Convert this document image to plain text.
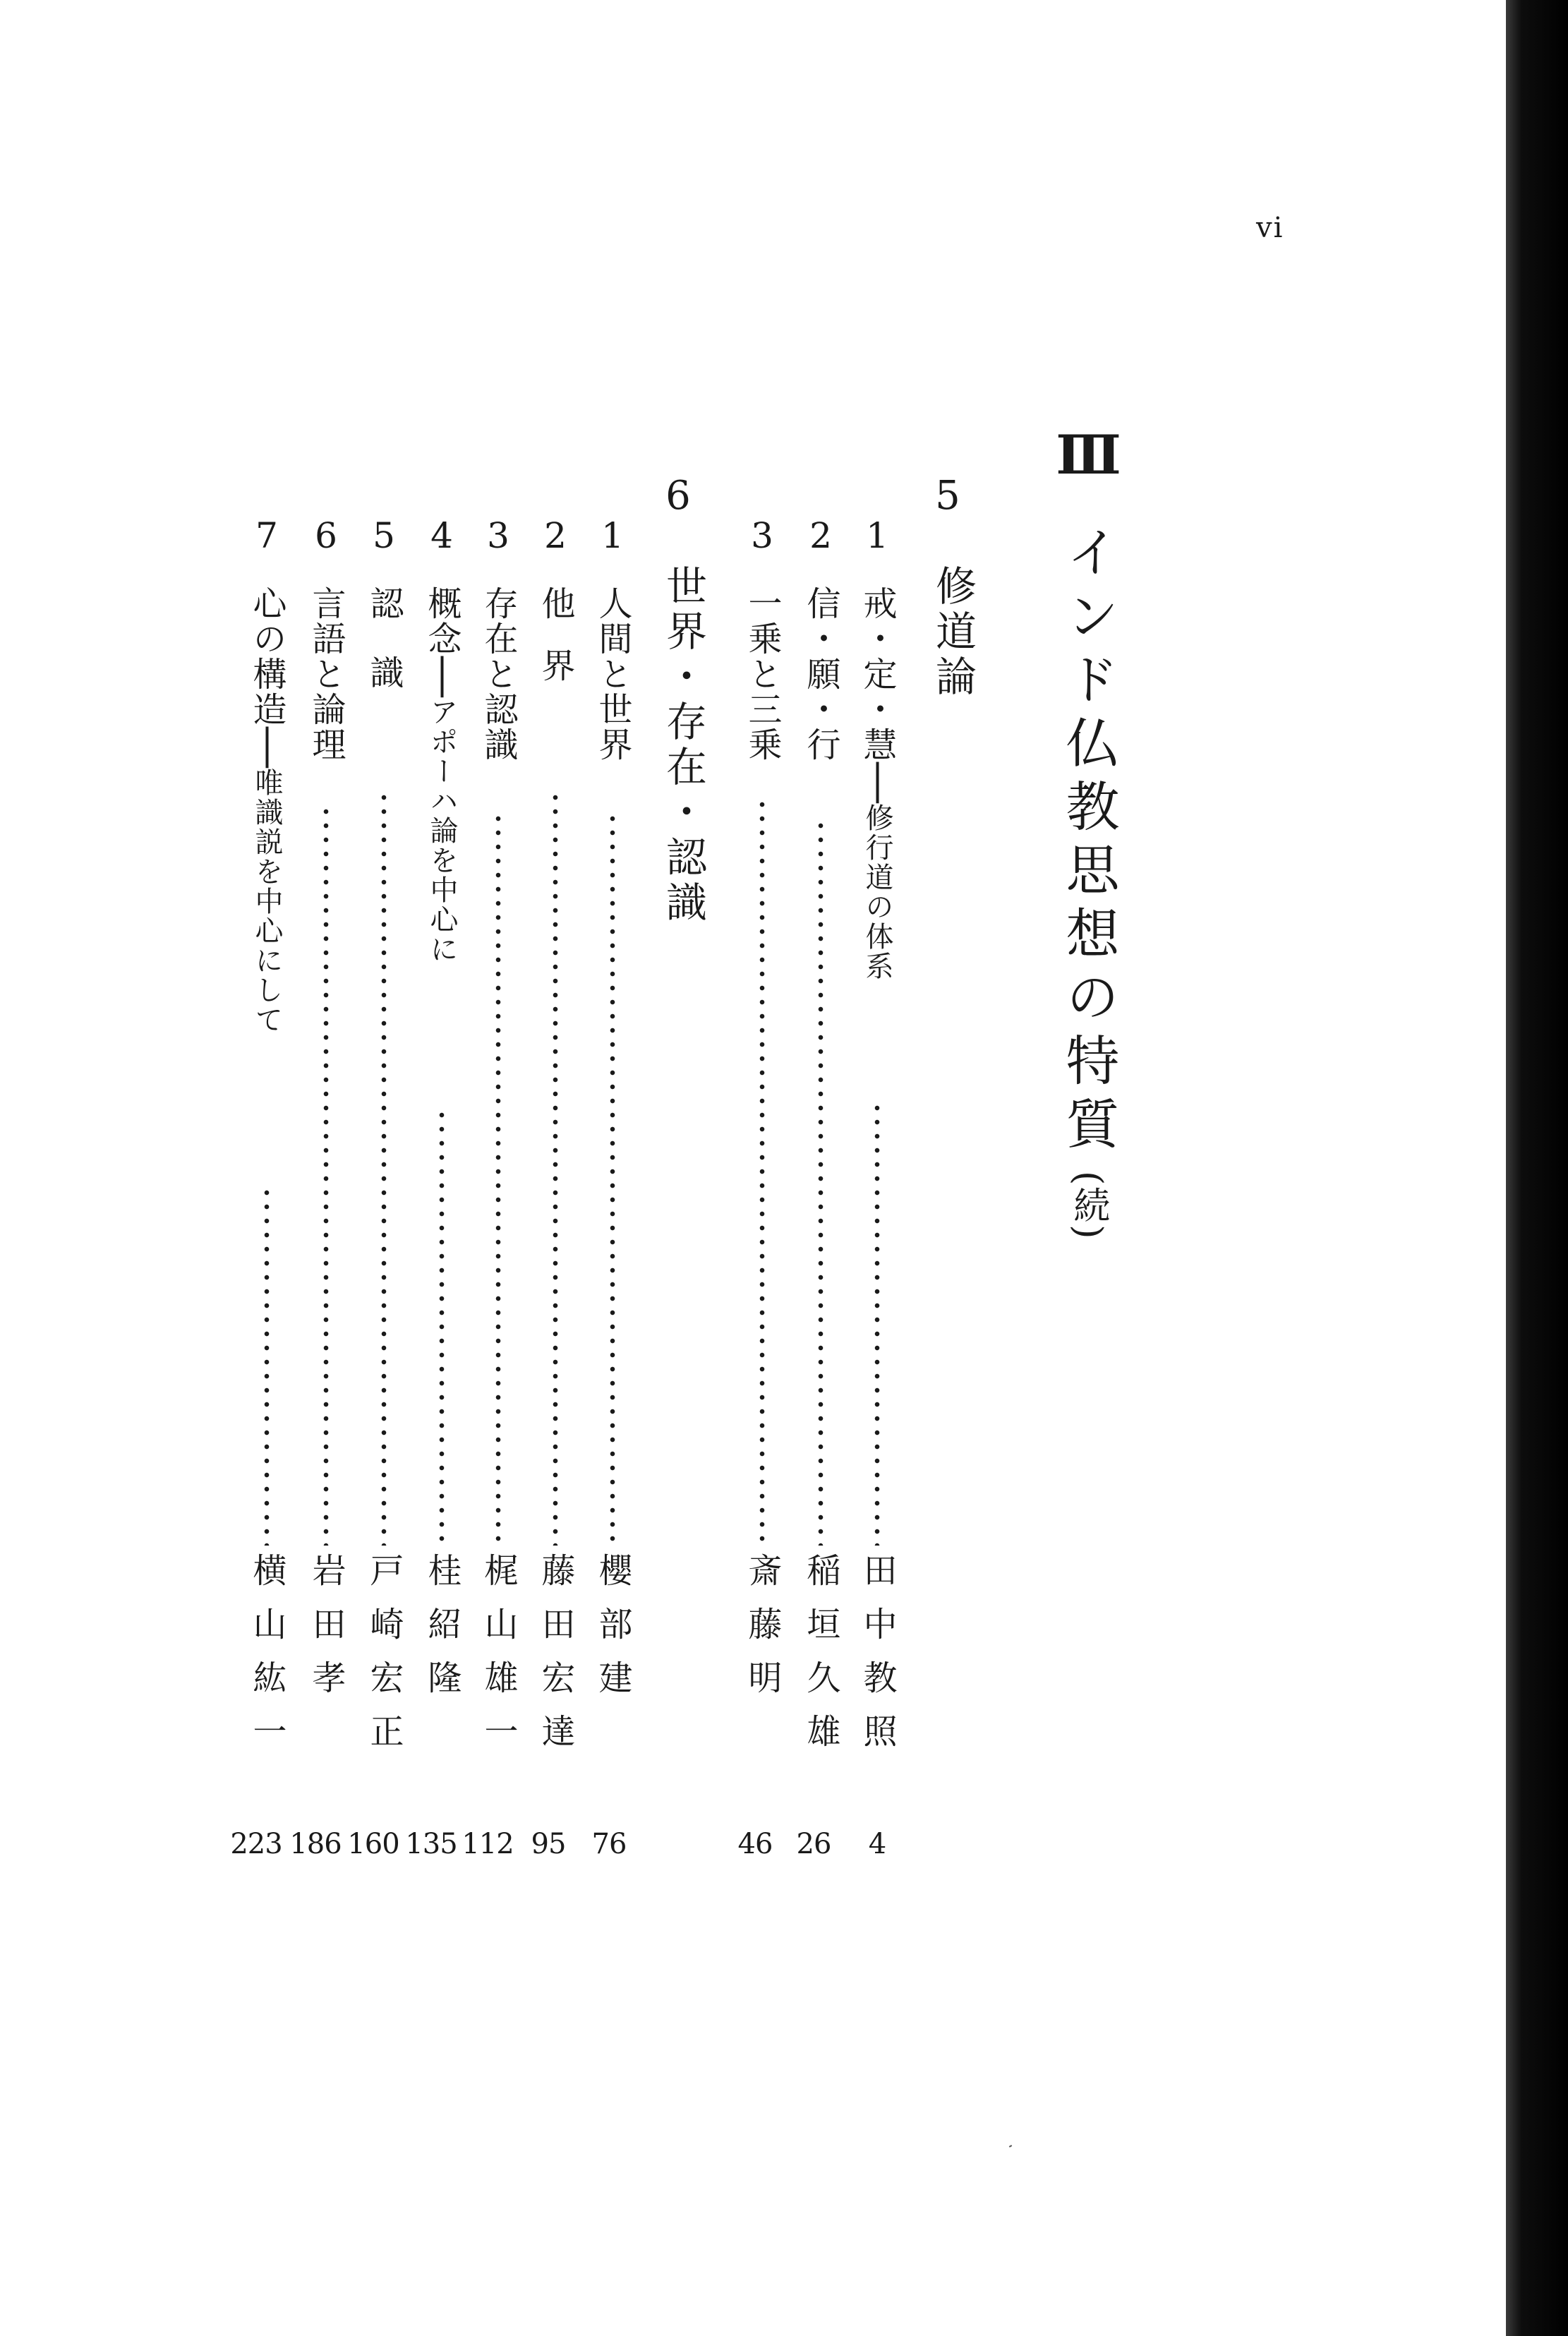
vi
Ⅲインド仏教思想の特質(続)
5
修道論
1
戒・定・慧──修行道の体系
田中教照
4
2
信・願・行
稲垣久雄
26
3
一乗と三乗
斎藤明
46
6
世界・存在・認識
1
人間と世界
櫻部建
76
2
他界
藤田宏達
95
3
存在と認識
梶山雄一
112
4
概念──アポーハ論を中心に
桂紹隆
135
5
認識
戸崎宏正
160
6
言語と論理
岩田孝
186
7
心の構造──唯識説を中心にして
横山紘一
223
